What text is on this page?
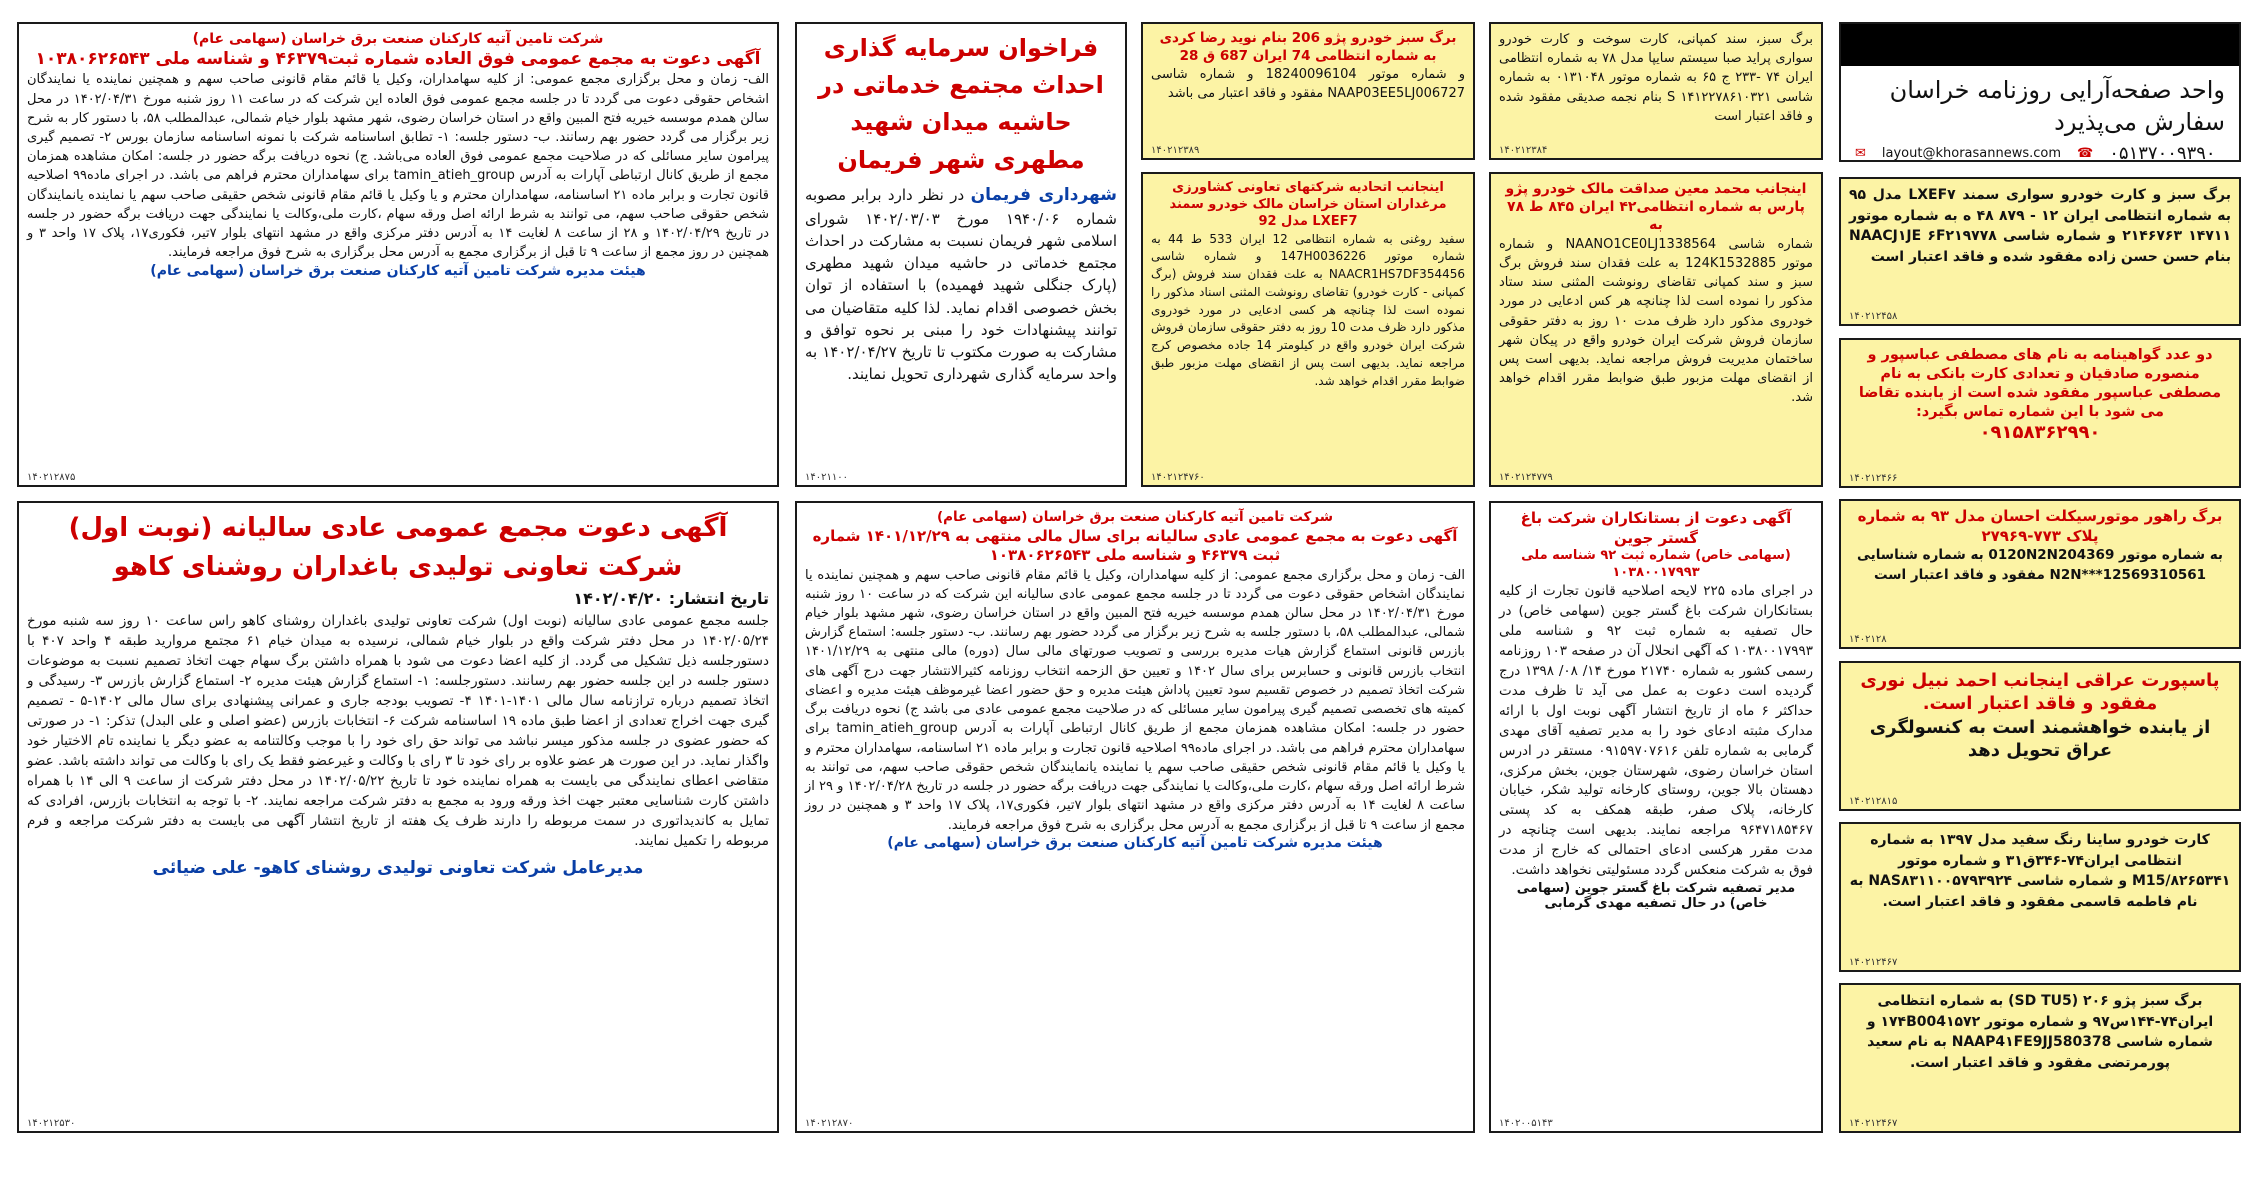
واحد صفحه‌آرایی روزنامه خراسان سفارش می‌پذیرد
✉ layout@khorasannews.com ☎ ۰۵۱۳۷۰۰۹۳۹۰
برگ سبز و کارت خودرو سواری سمند LXEF۷ مدل ۹۵ به شماره انتظامی ایران ۱۲ - ۸۷۹ ۴۸ ه به شماره موتور ۱۴۷۱۱ ۲۱۴۶۷۶۳ و شماره شاسی NAACJ۱JE ۶F۲۱۹۷۷۸ بنام حسن حسن زاده مفقود شده و فاقد اعتبار است
۱۴۰۲۱۲۴۵۸
دو عدد گواهینامه به نام های مصطفی عباسپور و منصوره صادقیان و تعدادی کارت بانکی به نام مصطفی عباسپور مفقود شده است از یابنده تقاضا می شود با این شماره تماس بگیرد:
۰۹۱۵۸۳۶۲۹۹۰
۱۴۰۲۱۲۴۶۶
برگ راهور موتورسیکلت احسان مدل ۹۳ به شماره پلاک ۷۷۳-۲۷۹۶۹
به شماره موتور 0120N2N204369 به شماره شناسایی N2N***12569310561 مفقود و فاقد اعتبار است
۱۴۰۲۱۲۸
پاسپورت عراقی اینجانب احمد نبیل نوری مفقود و فاقد اعتبار است.
از یابنده خواهشمند است به کنسولگری عراق تحویل دهد
۱۴۰۲۱۲۸۱۵
کارت خودرو ساینا رنگ سفید مدل ۱۳۹۷ به شماره انتظامی ایران۷۴-۳۴۶ق۳۱ و شماره موتور M15/۸۲۶۵۳۴۱ و شماره شاسی NAS۸۳۱۱۰۰۵۷۹۳۹۲۴ به نام فاطمه قاسمی مفقود و فاقد اعتبار است.
۱۴۰۲۱۲۴۶۷
برگ سبز پژو ۲۰۶ (SD TU5) به شماره انتظامی ایران۷۴-۱۴۴س۹۷ و شماره موتور ۱۷۴B004۱۵۷۲ و شماره شاسی NAAP4۱FE9JJ580378 به نام سعید پورمرتضی مفقود و فاقد اعتبار است.
۱۴۰۲۱۲۴۶۷
برگ سبز، سند کمپانی، کارت سوخت و کارت خودرو سواری پراید صبا سیستم سایپا مدل ۷۸ به شماره انتظامی ایران ۷۴ -۲۳۳ ج ۶۵ به شماره موتور ۰۱۳۱۰۴۸ به شماره شاسی ۱۴۱۲۲۷۸۶۱۰۳۲۱ S بنام نجمه صدیقی مفقود شده و فاقد اعتبار است
۱۴۰۲۱۲۳۸۴
برگ سبز خودرو پژو 206 بنام نوید رضا کردی به شماره انتظامی 74 ایران 687 ق 28
و شماره موتور 18240096104 و شماره شاسی NAAP03EE5LJ006727 مفقود و فاقد اعتبار می باشد
۱۴۰۲۱۲۳۸۹
اینجانب محمد معین صداقت مالک خودرو پژو پارس به شماره انتظامی۴۲ ایران ۸۴۵ ط ۷۸ به
شماره شاسی NAANO1CE0LJ1338564 و شماره موتور 124K1532885 به علت فقدان سند فروش برگ سبز و سند کمپانی تقاضای رونوشت المثنی سند ستاد مذکور را نموده است لذا چنانچه هر کس ادعایی در مورد خودروی مذکور دارد ظرف مدت ۱۰ روز به دفتر حقوقی سازمان فروش شرکت ایران خودرو واقع در پیکان شهر ساختمان مدیریت فروش مراجعه نماید. بدیهی است پس از انقضای مهلت مزبور طبق ضوابط مقرر اقدام خواهد شد.
۱۴۰۲۱۲۴۷۷۹
اینجانب اتحادیه شرکتهای تعاونی کشاورزی مرغداران استان خراسان مالک خودرو سمند LXEF7 مدل 92
سفید روغنی به شماره انتظامی 12 ایران 533 ط 44 به شماره موتور 147H0036226 و شماره شاسی NAACR1HS7DF354456 به علت فقدان سند فروش (برگ کمپانی - کارت خودرو) تقاضای رونوشت المثنی اسناد مذکور را نموده است لذا چنانچه هر کسی ادعایی در مورد خودروی مذکور دارد ظرف مدت 10 روز به دفتر حقوقی سازمان فروش شرکت ایران خودرو واقع در کیلومتر 14 جاده مخصوص کرج مراجعه نماید. بدیهی است پس از انقضای مهلت مزبور طبق ضوابط مقرر اقدام خواهد شد.
۱۴۰۲۱۲۴۷۶۰
فراخوان سرمایه گذاری احداث مجتمع خدماتی در حاشیه میدان شهید مطهری شهر فریمان
شهرداری فریمان در نظر دارد برابر مصوبه شماره ۱۹۴۰/۰۶ مورخ ۱۴۰۲/۰۳/۰۳ شورای اسلامی شهر فریمان نسبت به مشارکت در احداث مجتمع خدماتی در حاشیه میدان شهید مطهری (پارک جنگلی شهید فهمیده) با استفاده از توان بخش خصوصی اقدام نماید. لذا کلیه متقاضیان می توانند پیشنهادات خود را مبنی بر نحوه توافق و مشارکت به صورت مکتوب تا تاریخ ۱۴۰۲/۰۴/۲۷ به واحد سرمایه گذاری شهرداری تحویل نمایند.
۱۴۰۲۱۱۰۰
شرکت تامین آتیه کارکنان صنعت برق خراسان (سهامی عام)
آگهی دعوت به مجمع عمومی فوق العاده شماره ثبت۴۶۳۷۹ و شناسه ملی ۱۰۳۸۰۶۲۶۵۴۳
الف- زمان و محل برگزاری مجمع عمومی: از کلیه سهامداران، وکیل یا قائم مقام قانونی صاحب سهم و همچنین نماینده یا نمایندگان اشخاص حقوقی دعوت می گردد تا در جلسه مجمع عمومی فوق العاده این شرکت که در ساعت ۱۱ روز شنبه مورخ ۱۴۰۲/۰۴/۳۱ در محل سالن همدم موسسه خیریه فتح المبین واقع در استان خراسان رضوی، شهر مشهد بلوار خیام شمالی، عبدالمطلب ۵۸، با دستور کار به شرح زیر برگزار می گردد حضور بهم رسانند. ب- دستور جلسه: ۱- تطابق اساسنامه شرکت با نمونه اساسنامه سازمان بورس ۲- تصمیم گیری پیرامون سایر مسائلی که در صلاحیت مجمع عمومی فوق العاده می‌باشد. ج) نحوه دریافت برگه حضور در جلسه: امکان مشاهده همزمان مجمع از طریق کانال ارتباطی آپارات به آدرس tamin_atieh_group برای سهامداران محترم فراهم می باشد. در اجرای ماده۹۹ اصلاحیه قانون تجارت و برابر ماده ۲۱ اساسنامه، سهامداران محترم و یا وکیل یا قائم مقام قانونی شخص حقیقی صاحب سهم یا نماینده یانمایندگان شخص حقوقی صاحب سهم، می توانند به شرط ارائه اصل ورقه سهام ،کارت ملی،وکالت یا نمایندگی جهت دریافت برگه حضور در جلسه در تاریخ ۱۴۰۲/۰۴/۲۹ و ۲۸ از ساعت ۸ لغایت ۱۴ به آدرس دفتر مرکزی واقع در مشهد انتهای بلوار ۷تیر، فکوری۱۷، پلاک ۱۷ واحد ۳ و همچنین در روز مجمع از ساعت ۹ تا قبل از برگزاری مجمع به آدرس محل برگزاری به شرح فوق مراجعه فرمایند.
هیئت مدیره شرکت تامین آتیه کارکنان صنعت برق خراسان (سهامی عام)
۱۴۰۲۱۲۸۷۵
آگهی دعوت از بستانکاران شرکت باغ گستر جوین
(سهامی خاص) شماره ثبت ۹۲ شناسه ملی ۱۰۳۸۰۰۱۷۹۹۳
در اجرای ماده ۲۲۵ لایحه اصلاحیه قانون تجارت از کلیه بستانکاران شرکت باغ گستر جوین (سهامی خاص) در حال تصفیه به شماره ثبت ۹۲ و شناسه ملی ۱۰۳۸۰۰۱۷۹۹۳ که آگهی انحلال آن در صفحه ۱۰۳ روزنامه رسمی کشور به شماره ۲۱۷۴۰ مورخ ۱۴/ ۰۸/ ۱۳۹۸ درج گردیده است دعوت به عمل می آید تا ظرف مدت حداکثر ۶ ماه از تاریخ انتشار آگهی نوبت اول با ارائه مدارک مثبته ادعای خود را به مدیر تصفیه آقای مهدی گرمابی به شماره تلفن ۰۹۱۵۹۷۰۷۶۱۶ مستقر در ادرس استان خراسان رضوی، شهرستان جوین، بخش مرکزی، دهستان بالا جوین، روستای کارخانه تولید شکر، خیابان کارخانه، پلاک صفر، طبقه همکف به کد پستی ۹۶۴۷۱۸۵۴۶۷ مراجعه نمایند. بدیهی است چنانچه در مدت مقرر هرکسی ادعای احتمالی که خارج از مدت فوق به شرکت منعکس گردد مسئولیتی نخواهد داشت.
مدیر تصفیه شرکت باغ گستر جوین (سهامی خاص) در حال تصفیه مهدی گرمابی
۱۴۰۲۰۰۵۱۴۳
شرکت تامین آتیه کارکنان صنعت برق خراسان (سهامی عام)
آگهی دعوت به مجمع عمومی عادی سالیانه برای سال مالی منتهی به ۱۴۰۱/۱۲/۲۹ شماره ثبت ۴۶۳۷۹ و شناسه ملی ۱۰۳۸۰۶۲۶۵۴۳
الف- زمان و محل برگزاری مجمع عمومی: از کلیه سهامداران، وکیل یا قائم مقام قانونی صاحب سهم و همچنین نماینده یا نمایندگان اشخاص حقوقی دعوت می گردد تا در جلسه مجمع عمومی عادی سالیانه این شرکت که در ساعت ۱۰ روز شنبه مورخ ۱۴۰۲/۰۴/۳۱ در محل سالن همدم موسسه خیریه فتح المبین واقع در استان خراسان رضوی، شهر مشهد بلوار خیام شمالی، عبدالمطلب ۵۸، با دستور جلسه به شرح زیر برگزار می گردد حضور بهم رسانند. ب- دستور جلسه: استماع گزارش بازرس قانونی استماع گزارش هیات مدیره بررسی و تصویب صورتهای مالی سال (دوره) مالی منتهی به ۱۴۰۱/۱۲/۲۹ انتخاب بازرس قانونی و حسابرس برای سال ۱۴۰۲ و تعیین حق الزحمه انتخاب روزنامه کثیرالانتشار جهت درج آگهی های شرکت اتخاذ تصمیم در خصوص تقسیم سود تعیین پاداش هیئت مدیره و حق حضور اعضا غیرموظف هیئت مدیره و اعضای کمیته های تخصصی تصمیم گیری پیرامون سایر مسائلی که در صلاحیت مجمع عمومی عادی می باشد ج) نحوه دریافت برگ حضور در جلسه: امکان مشاهده همزمان مجمع از طریق کانال ارتباطی آپارات به آدرس tamin_atieh_group برای سهامداران محترم فراهم می باشد. در اجرای ماده۹۹ اصلاحیه قانون تجارت و برابر ماده ۲۱ اساسنامه، سهامداران محترم و یا وکیل یا قائم مقام قانونی شخص حقیقی صاحب سهم یا نماینده یانمایندگان شخص حقوقی صاحب سهم، می توانند به شرط ارائه اصل ورقه سهام ،کارت ملی،وکالت یا نمایندگی جهت دریافت برگه حضور در جلسه در تاریخ ۱۴۰۲/۰۴/۲۸ و ۲۹ از ساعت ۸ لغایت ۱۴ به آدرس دفتر مرکزی واقع در مشهد انتهای بلوار ۷تیر، فکوری۱۷، پلاک ۱۷ واحد ۳ و همچنین در روز مجمع از ساعت ۹ تا قبل از برگزاری مجمع به آدرس محل برگزاری به شرح فوق مراجعه فرمایند.
هیئت مدیره شرکت تامین آتیه کارکنان صنعت برق خراسان (سهامی عام)
۱۴۰۲۱۲۸۷۰
آگهی دعوت مجمع عمومی عادی سالیانه (نوبت اول) شرکت تعاونی تولیدی باغداران روشنای کاهو
تاریخ انتشار: ۱۴۰۲/۰۴/۲۰
جلسه مجمع عمومی عادی سالیانه (نوبت اول) شرکت تعاونی تولیدی باغداران روشنای کاهو راس ساعت ۱۰ روز سه شنبه مورخ ۱۴۰۲/۰۵/۲۴ در محل دفتر شرکت واقع در بلوار خیام شمالی، نرسیده به میدان خیام ۶۱ مجتمع مروارید طبقه ۴ واحد ۴۰۷ با دستورجلسه ذیل تشکیل می گردد. از کلیه اعضا دعوت می شود با همراه داشتن برگ سهام جهت اتخاذ تصمیم نسبت به موضوعات دستور جلسه در این جلسه حضور بهم رسانند. دستورجلسه: ۱- استماع گزارش هیئت مدیره ۲- استماع گزارش بازرس ۳- رسیدگی و اتخاذ تصمیم درباره ترازنامه سال مالی ۱۴۰۱-۱۴۰۱ ۴- تصویب بودجه جاری و عمرانی پیشنهادی برای سال مالی ۱۴۰۲-۵ - تصمیم گیری جهت اخراج تعدادی از اعضا طبق ماده ۱۹ اساسنامه شرکت ۶- انتخابات بازرس (عضو اصلی و علی البدل) تذکر: ۱- در صورتی که حضور عضوی در جلسه مذکور میسر نباشد می تواند حق رای خود را با موجب وکالتنامه به عضو دیگر یا نماینده تام الاختیار خود واگذار نماید. در این صورت هر عضو علاوه بر رای خود تا ۳ رای با وکالت و غیرعضو فقط یک رای با وکالت می تواند داشته باشد. عضو متقاضی اعطای نمایندگی می بایست به همراه نماینده خود تا تاریخ ۱۴۰۲/۰۵/۲۲ در محل دفتر شرکت از ساعت ۹ الی ۱۴ با همراه داشتن کارت شناسایی معتبر جهت اخذ ورقه ورود به مجمع به دفتر شرکت مراجعه نمایند. ۲- با توجه به انتخابات بازرس، افرادی که تمایل به کاندیداتوری در سمت مربوطه را دارند ظرف یک هفته از تاریخ انتشار آگهی می بایست به دفتر شرکت مراجعه و فرم مربوطه را تکمیل نمایند.
مدیرعامل شرکت تعاونی تولیدی روشنای کاهو- علی ضیائی
۱۴۰۲۱۲۵۳۰
